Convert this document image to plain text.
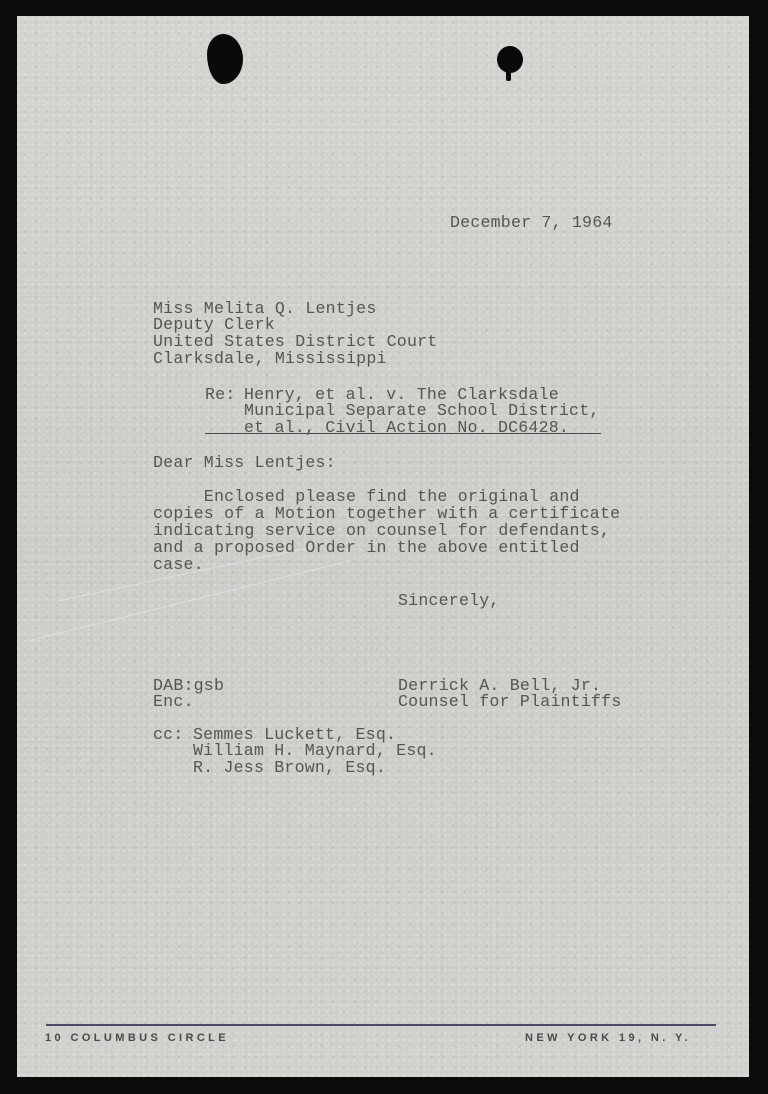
December 7, 1964
Miss Melita Q. Lentjes
Deputy Clerk
United States District Court
Clarksdale, Mississippi
Re: Henry, et al. v. The Clarksdale
Municipal Separate School District,
et al., Civil Action No. DC6428.
Dear Miss Lentjes:
Enclosed please find the original and
copies of a Motion together with a certificate
indicating service on counsel for defendants,
and a proposed Order in the above entitled
case.
Sincerely,
DAB:gsb
Enc.
Derrick A. Bell, Jr.
Counsel for Plaintiffs
cc: Semmes Luckett, Esq.
William H. Maynard, Esq.
R. Jess Brown, Esq.
10 COLUMBUS CIRCLE	NEW YORK 19, N. Y.
